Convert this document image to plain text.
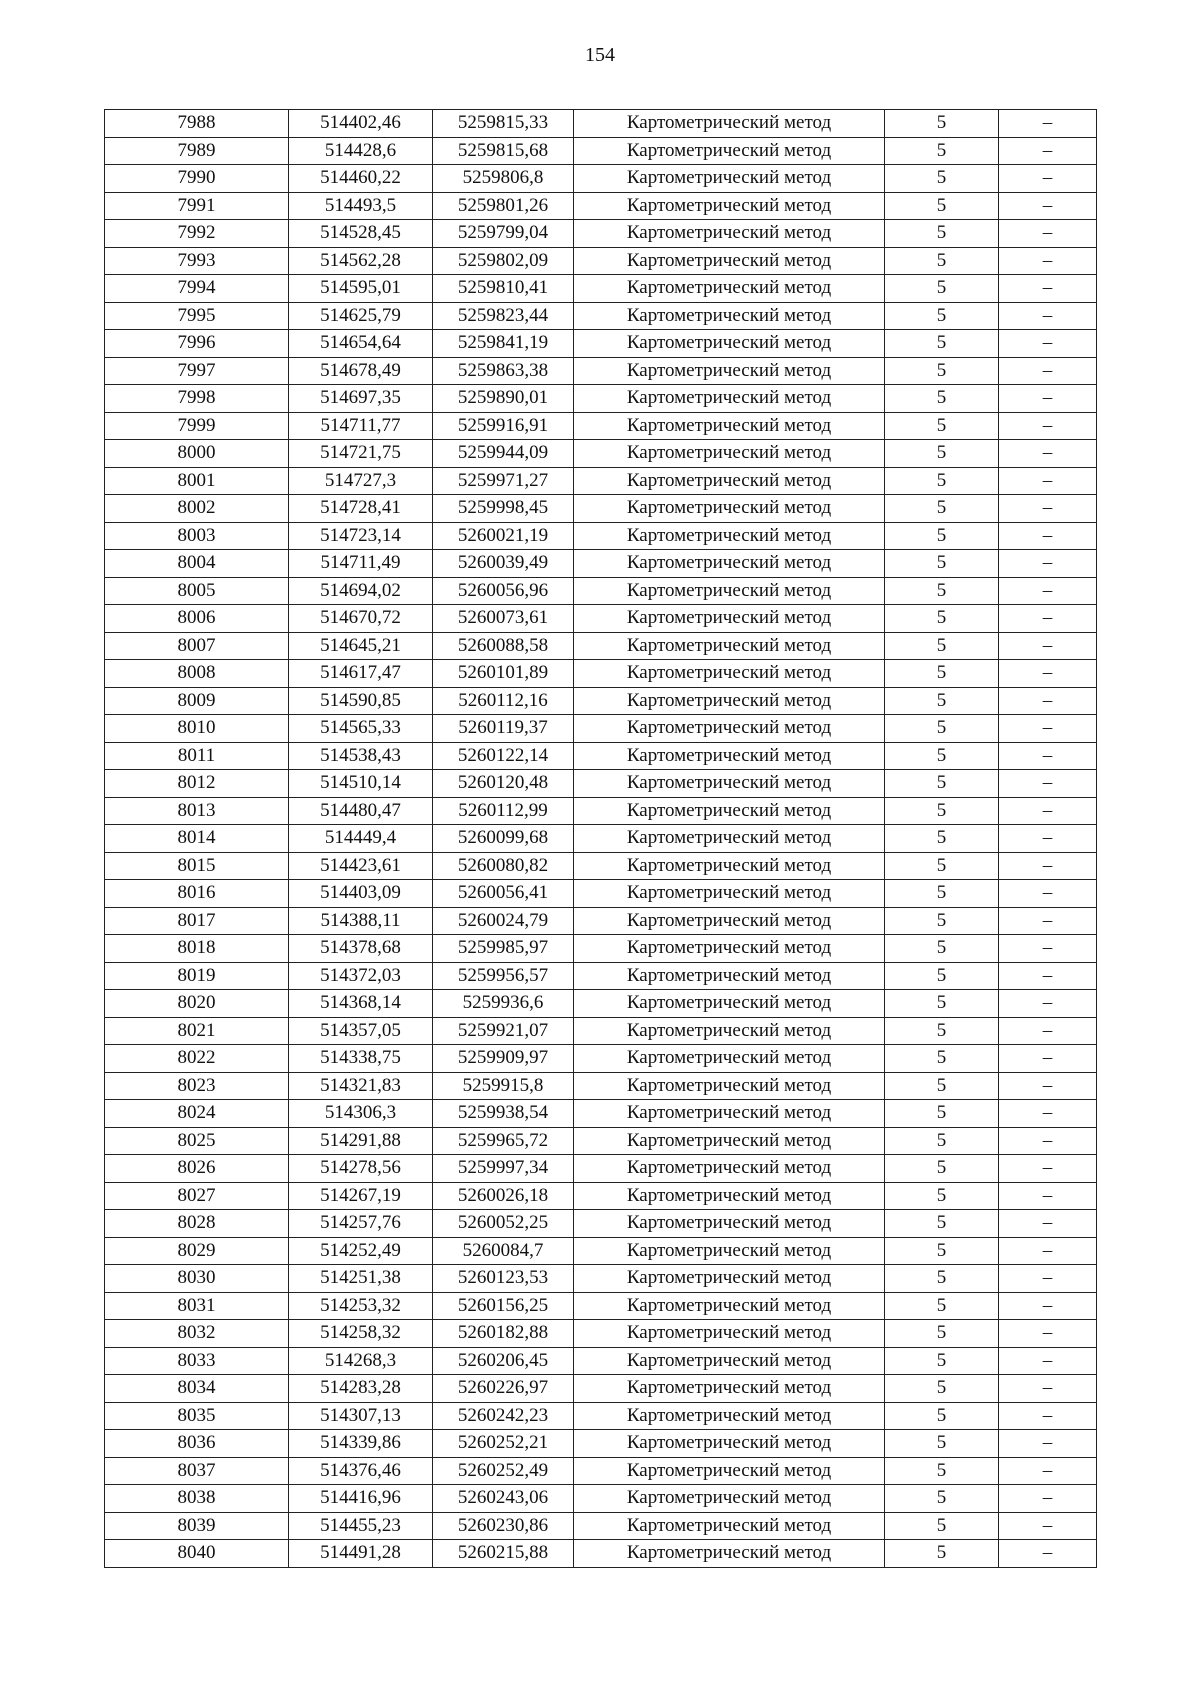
154
7988	514402,46	5259815,33	Картометрический метод	5	–
7989	514428,6	5259815,68	Картометрический метод	5	–
7990	514460,22	5259806,8	Картометрический метод	5	–
7991	514493,5	5259801,26	Картометрический метод	5	–
7992	514528,45	5259799,04	Картометрический метод	5	–
7993	514562,28	5259802,09	Картометрический метод	5	–
7994	514595,01	5259810,41	Картометрический метод	5	–
7995	514625,79	5259823,44	Картометрический метод	5	–
7996	514654,64	5259841,19	Картометрический метод	5	–
7997	514678,49	5259863,38	Картометрический метод	5	–
7998	514697,35	5259890,01	Картометрический метод	5	–
7999	514711,77	5259916,91	Картометрический метод	5	–
8000	514721,75	5259944,09	Картометрический метод	5	–
8001	514727,3	5259971,27	Картометрический метод	5	–
8002	514728,41	5259998,45	Картометрический метод	5	–
8003	514723,14	5260021,19	Картометрический метод	5	–
8004	514711,49	5260039,49	Картометрический метод	5	–
8005	514694,02	5260056,96	Картометрический метод	5	–
8006	514670,72	5260073,61	Картометрический метод	5	–
8007	514645,21	5260088,58	Картометрический метод	5	–
8008	514617,47	5260101,89	Картометрический метод	5	–
8009	514590,85	5260112,16	Картометрический метод	5	–
8010	514565,33	5260119,37	Картометрический метод	5	–
8011	514538,43	5260122,14	Картометрический метод	5	–
8012	514510,14	5260120,48	Картометрический метод	5	–
8013	514480,47	5260112,99	Картометрический метод	5	–
8014	514449,4	5260099,68	Картометрический метод	5	–
8015	514423,61	5260080,82	Картометрический метод	5	–
8016	514403,09	5260056,41	Картометрический метод	5	–
8017	514388,11	5260024,79	Картометрический метод	5	–
8018	514378,68	5259985,97	Картометрический метод	5	–
8019	514372,03	5259956,57	Картометрический метод	5	–
8020	514368,14	5259936,6	Картометрический метод	5	–
8021	514357,05	5259921,07	Картометрический метод	5	–
8022	514338,75	5259909,97	Картометрический метод	5	–
8023	514321,83	5259915,8	Картометрический метод	5	–
8024	514306,3	5259938,54	Картометрический метод	5	–
8025	514291,88	5259965,72	Картометрический метод	5	–
8026	514278,56	5259997,34	Картометрический метод	5	–
8027	514267,19	5260026,18	Картометрический метод	5	–
8028	514257,76	5260052,25	Картометрический метод	5	–
8029	514252,49	5260084,7	Картометрический метод	5	–
8030	514251,38	5260123,53	Картометрический метод	5	–
8031	514253,32	5260156,25	Картометрический метод	5	–
8032	514258,32	5260182,88	Картометрический метод	5	–
8033	514268,3	5260206,45	Картометрический метод	5	–
8034	514283,28	5260226,97	Картометрический метод	5	–
8035	514307,13	5260242,23	Картометрический метод	5	–
8036	514339,86	5260252,21	Картометрический метод	5	–
8037	514376,46	5260252,49	Картометрический метод	5	–
8038	514416,96	5260243,06	Картометрический метод	5	–
8039	514455,23	5260230,86	Картометрический метод	5	–
8040	514491,28	5260215,88	Картометрический метод	5	–
